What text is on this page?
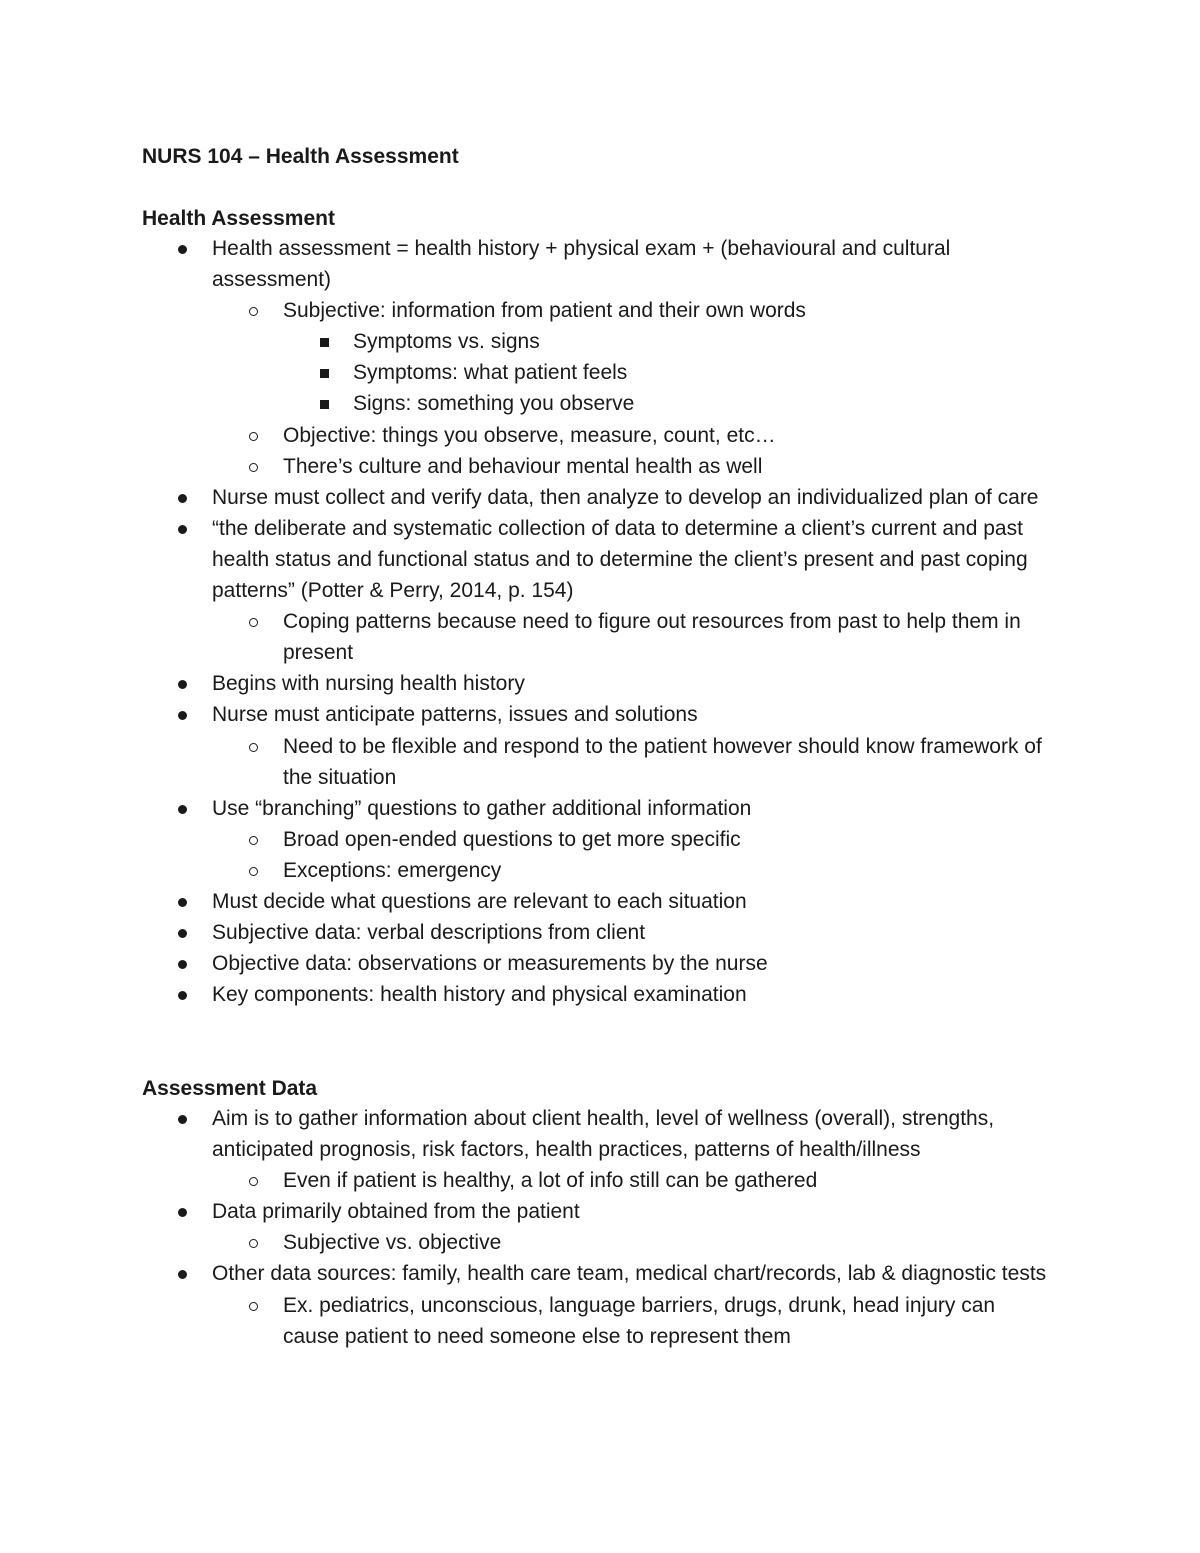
NURS 104 – Health Assessment
Health Assessment
Health assessment = health history + physical exam + (behavioural and cultural assessment)
Subjective: information from patient and their own words
Symptoms vs. signs
Symptoms: what patient feels
Signs: something you observe
Objective: things you observe, measure, count, etc…
There’s culture and behaviour mental health as well
Nurse must collect and verify data, then analyze to develop an individualized plan of care
“the deliberate and systematic collection of data to determine a client’s current and past health status and functional status and to determine the client’s present and past coping patterns” (Potter & Perry, 2014, p. 154)
Coping patterns because need to figure out resources from past to help them in present
Begins with nursing health history
Nurse must anticipate patterns, issues and solutions
Need to be flexible and respond to the patient however should know framework of the situation
Use “branching” questions to gather additional information
Broad open-ended questions to get more specific
Exceptions: emergency
Must decide what questions are relevant to each situation
Subjective data: verbal descriptions from client
Objective data: observations or measurements by the nurse
Key components: health history and physical examination
Assessment Data
Aim is to gather information about client health, level of wellness (overall), strengths, anticipated prognosis, risk factors, health practices, patterns of health/illness
Even if patient is healthy, a lot of info still can be gathered
Data primarily obtained from the patient
Subjective vs. objective
Other data sources: family, health care team, medical chart/records, lab & diagnostic tests
Ex. pediatrics, unconscious, language barriers, drugs, drunk, head injury can cause patient to need someone else to represent them
